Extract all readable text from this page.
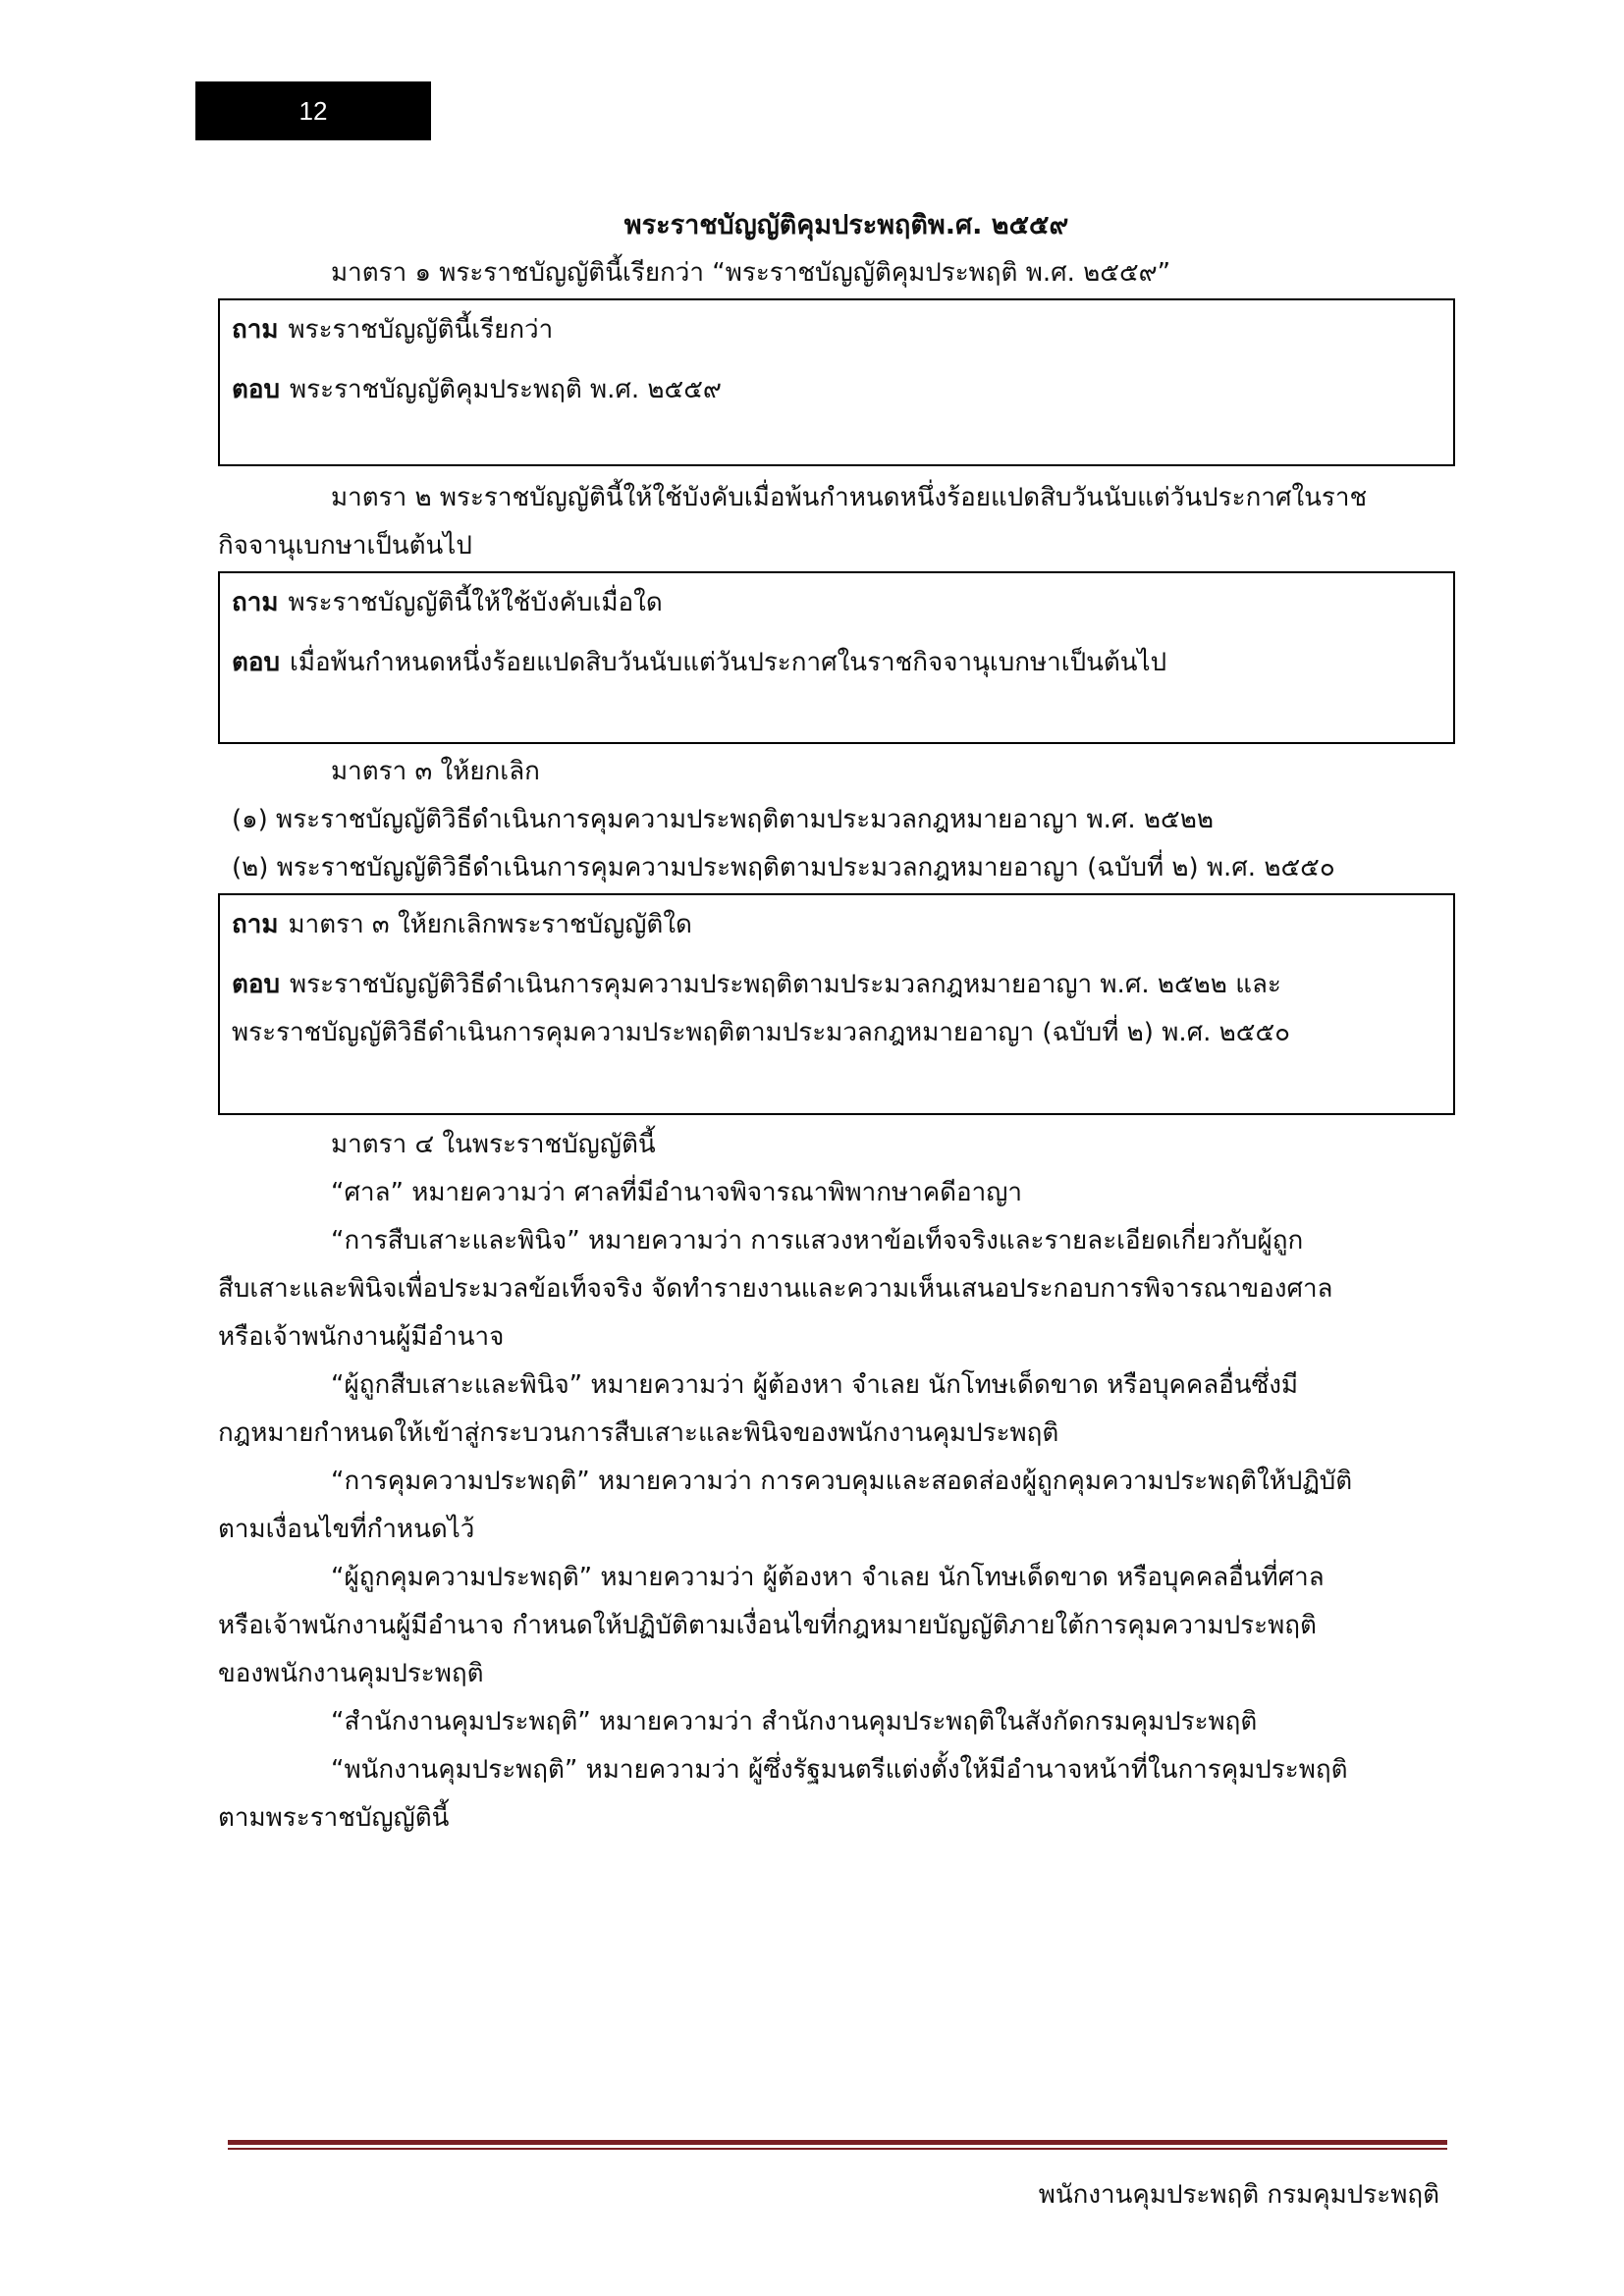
12

พระราชบัญญัติคุมประพฤติพ.ศ. ๒๕๕๙

มาตรา ๑ พระราชบัญญัตินี้เรียกว่า “พระราชบัญญัติคุมประพฤติ พ.ศ. ๒๕๕๙”

ถาม พระราชบัญญัตินี้เรียกว่า

ตอบ พระราชบัญญัติคุมประพฤติ พ.ศ. ๒๕๕๙

มาตรา ๒ พระราชบัญญัตินี้ให้ใช้บังคับเมื่อพ้นกำหนดหนึ่งร้อยแปดสิบวันนับแต่วันประกาศในราช

กิจจานุเบกษาเป็นต้นไป

ถาม พระราชบัญญัตินี้ให้ใช้บังคับเมื่อใด

ตอบ เมื่อพ้นกำหนดหนึ่งร้อยแปดสิบวันนับแต่วันประกาศในราชกิจจานุเบกษาเป็นต้นไป

มาตรา ๓ ให้ยกเลิก

(๑) พระราชบัญญัติวิธีดำเนินการคุมความประพฤติตามประมวลกฎหมายอาญา พ.ศ. ๒๕๒๒

(๒) พระราชบัญญัติวิธีดำเนินการคุมความประพฤติตามประมวลกฎหมายอาญา (ฉบับที่ ๒) พ.ศ. ๒๕๕๐

ถาม มาตรา ๓ ให้ยกเลิกพระราชบัญญัติใด

ตอบ พระราชบัญญัติวิธีดำเนินการคุมความประพฤติตามประมวลกฎหมายอาญา พ.ศ. ๒๕๒๒ และ

พระราชบัญญัติวิธีดำเนินการคุมความประพฤติตามประมวลกฎหมายอาญา (ฉบับที่ ๒) พ.ศ. ๒๕๕๐

มาตรา ๔ ในพระราชบัญญัตินี้

“ศาล” หมายความว่า ศาลที่มีอำนาจพิจารณาพิพากษาคดีอาญา

“การสืบเสาะและพินิจ” หมายความว่า การแสวงหาข้อเท็จจริงและรายละเอียดเกี่ยวกับผู้ถูก

สืบเสาะและพินิจเพื่อประมวลข้อเท็จจริง จัดทำรายงานและความเห็นเสนอประกอบการพิจารณาของศาล

หรือเจ้าพนักงานผู้มีอำนาจ

“ผู้ถูกสืบเสาะและพินิจ” หมายความว่า ผู้ต้องหา จำเลย นักโทษเด็ดขาด หรือบุคคลอื่นซึ่งมี

กฎหมายกำหนดให้เข้าสู่กระบวนการสืบเสาะและพินิจของพนักงานคุมประพฤติ

“การคุมความประพฤติ” หมายความว่า การควบคุมและสอดส่องผู้ถูกคุมความประพฤติให้ปฏิบัติ

ตามเงื่อนไขที่กำหนดไว้

“ผู้ถูกคุมความประพฤติ” หมายความว่า ผู้ต้องหา จำเลย นักโทษเด็ดขาด หรือบุคคลอื่นที่ศาล

หรือเจ้าพนักงานผู้มีอำนาจ กำหนดให้ปฏิบัติตามเงื่อนไขที่กฎหมายบัญญัติภายใต้การคุมความประพฤติ

ของพนักงานคุมประพฤติ

“สำนักงานคุมประพฤติ” หมายความว่า สำนักงานคุมประพฤติในสังกัดกรมคุมประพฤติ

“พนักงานคุมประพฤติ” หมายความว่า ผู้ซึ่งรัฐมนตรีแต่งตั้งให้มีอำนาจหน้าที่ในการคุมประพฤติ

ตามพระราชบัญญัตินี้

พนักงานคุมประพฤติ กรมคุมประพฤติ
